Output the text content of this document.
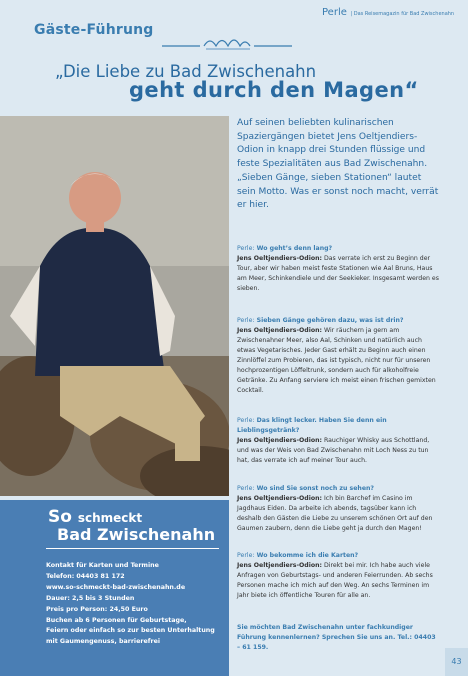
Gäste-Führung
Perle | Das Reisemagazin für Bad Zwischenahn
„Die Liebe zu Bad Zwischenahn
geht durch den Magen“
So schmeckt
Bad Zwischenahn
Kontakt für Karten und Termine
Telefon: 04403 81 172
www.so-schmeckt-bad-zwischenahn.de
Dauer: 2,5 bis 3 Stunden
Preis pro Person: 24,50 Euro
Buchen ab 6 Personen für Geburtstage,
Feiern oder einfach so zur besten Unterhaltung
mit Gaumengenuss, barrierefrei
Auf seinen beliebten kulinarischen Spaziergängen bietet Jens Oeltjendiers-Odion in knapp drei Stunden flüssige und feste Spezialitäten aus Bad Zwischenahn. „Sieben Gänge, sieben Stationen“ lautet sein Motto. Was er sonst noch macht, verrät er hier.

Perle: Wo geht’s denn lang?
Jens Oeltjendiers-Odion: Das verrate ich erst zu Beginn der Tour, aber wir haben meist feste Stationen wie Aal Bruns, Haus am Meer, Schinkendiele und der Seekieker. Insgesamt werden es sieben.

Perle: Sieben Gänge gehören dazu, was ist drin?
Jens Oeltjendiers-Odion: Wir räuchern ja gern am Zwischenahner Meer, also Aal, Schinken und natürlich auch etwas Vegetarisches. Jeder Gast erhält zu Beginn auch einen Zinnlöffel zum Probieren, das ist typisch, nicht nur für unseren hochprozentigen Löffeltrunk, sondern auch für alkoholfreie Getränke. Zu Anfang serviere ich meist einen frischen gemixten Cocktail.

Perle: Das klingt lecker. Haben Sie denn ein Lieblingsgetränk?
Jens Oeltjendiers-Odion: Rauchiger Whisky aus Schottland, und was der Weis von Bad Zwischenahn mit Loch Ness zu tun hat, das verrate ich auf meiner Tour auch.

Perle: Wo sind Sie sonst noch zu sehen?
Jens Oeltjendiers-Odion: Ich bin Barchef im Casino im Jagdhaus Eiden. Da arbeite ich abends, tagsüber kann ich deshalb den Gästen die Liebe zu unserem schönen Ort auf den Gaumen zaubern, denn die Liebe geht ja durch den Magen!

Perle: Wo bekomme ich die Karten?
Jens Oeltjendiers-Odion: Direkt bei mir. Ich habe auch viele Anfragen von Geburtstags- und anderen Feierrunden. Ab sechs Personen mache ich mich auf den Weg. An sechs Terminen im Jahr biete ich öffentliche Touren für alle an.

Sie möchten Bad Zwischenahn unter fachkundiger Führung kennenlernen? Sprechen Sie uns an. Tel.: 04403 – 61 159.
43
